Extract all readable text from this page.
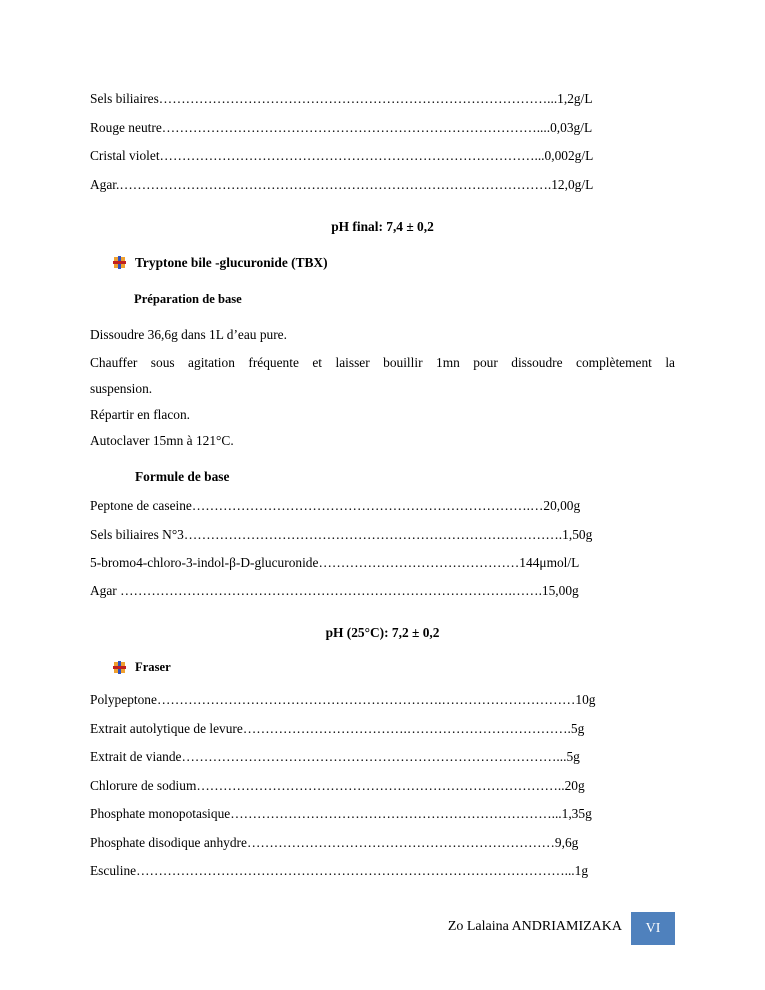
Sels biliaires……………………………………………………………………………...1,2g/L
Rouge neutre…………………………………………………………………………....0,03g/L
Cristal violet…………………………………………………………………………...0,002g/L
Agar.…………………………………………………………………………………….12,0g/L
pH final: 7,4 ± 0,2
Tryptone bile -glucuronide (TBX)
Préparation de base
Dissoudre 36,6g dans 1L d’eau pure.
Chauffer sous agitation fréquente et laisser bouillir 1mn pour dissoudre complètement la
suspension.
Répartir en flacon.
Autoclaver 15mn à 121°C.
Formule de base
Peptone de caseine………………………………………………………………….…20,00g
Sels biliaires N°3………………………………………………………………………….1,50g
5-bromo4-chloro-3-indol-β-D-glucuronide………………………………………144μmol/L
Agar …………………………………………………………………………….…….15,00g
pH (25°C): 7,2 ± 0,2
Fraser
Polypeptone……………………………………………………….…………………………10g
Extrait autolytique de levure……………………………….……………………………….5g
Extrait de viande…………………………………………………………………………...5g
Chlorure de sodium………………………………………………………………………..20g
Phosphate monopotasique………………………………………………………………...1,35g
Phosphate disodique anhydre……………………………………………………………9,6g
Esculine……………………………………………………………………………………...1g
Zo Lalaina ANDRIAMIZAKA	VI
